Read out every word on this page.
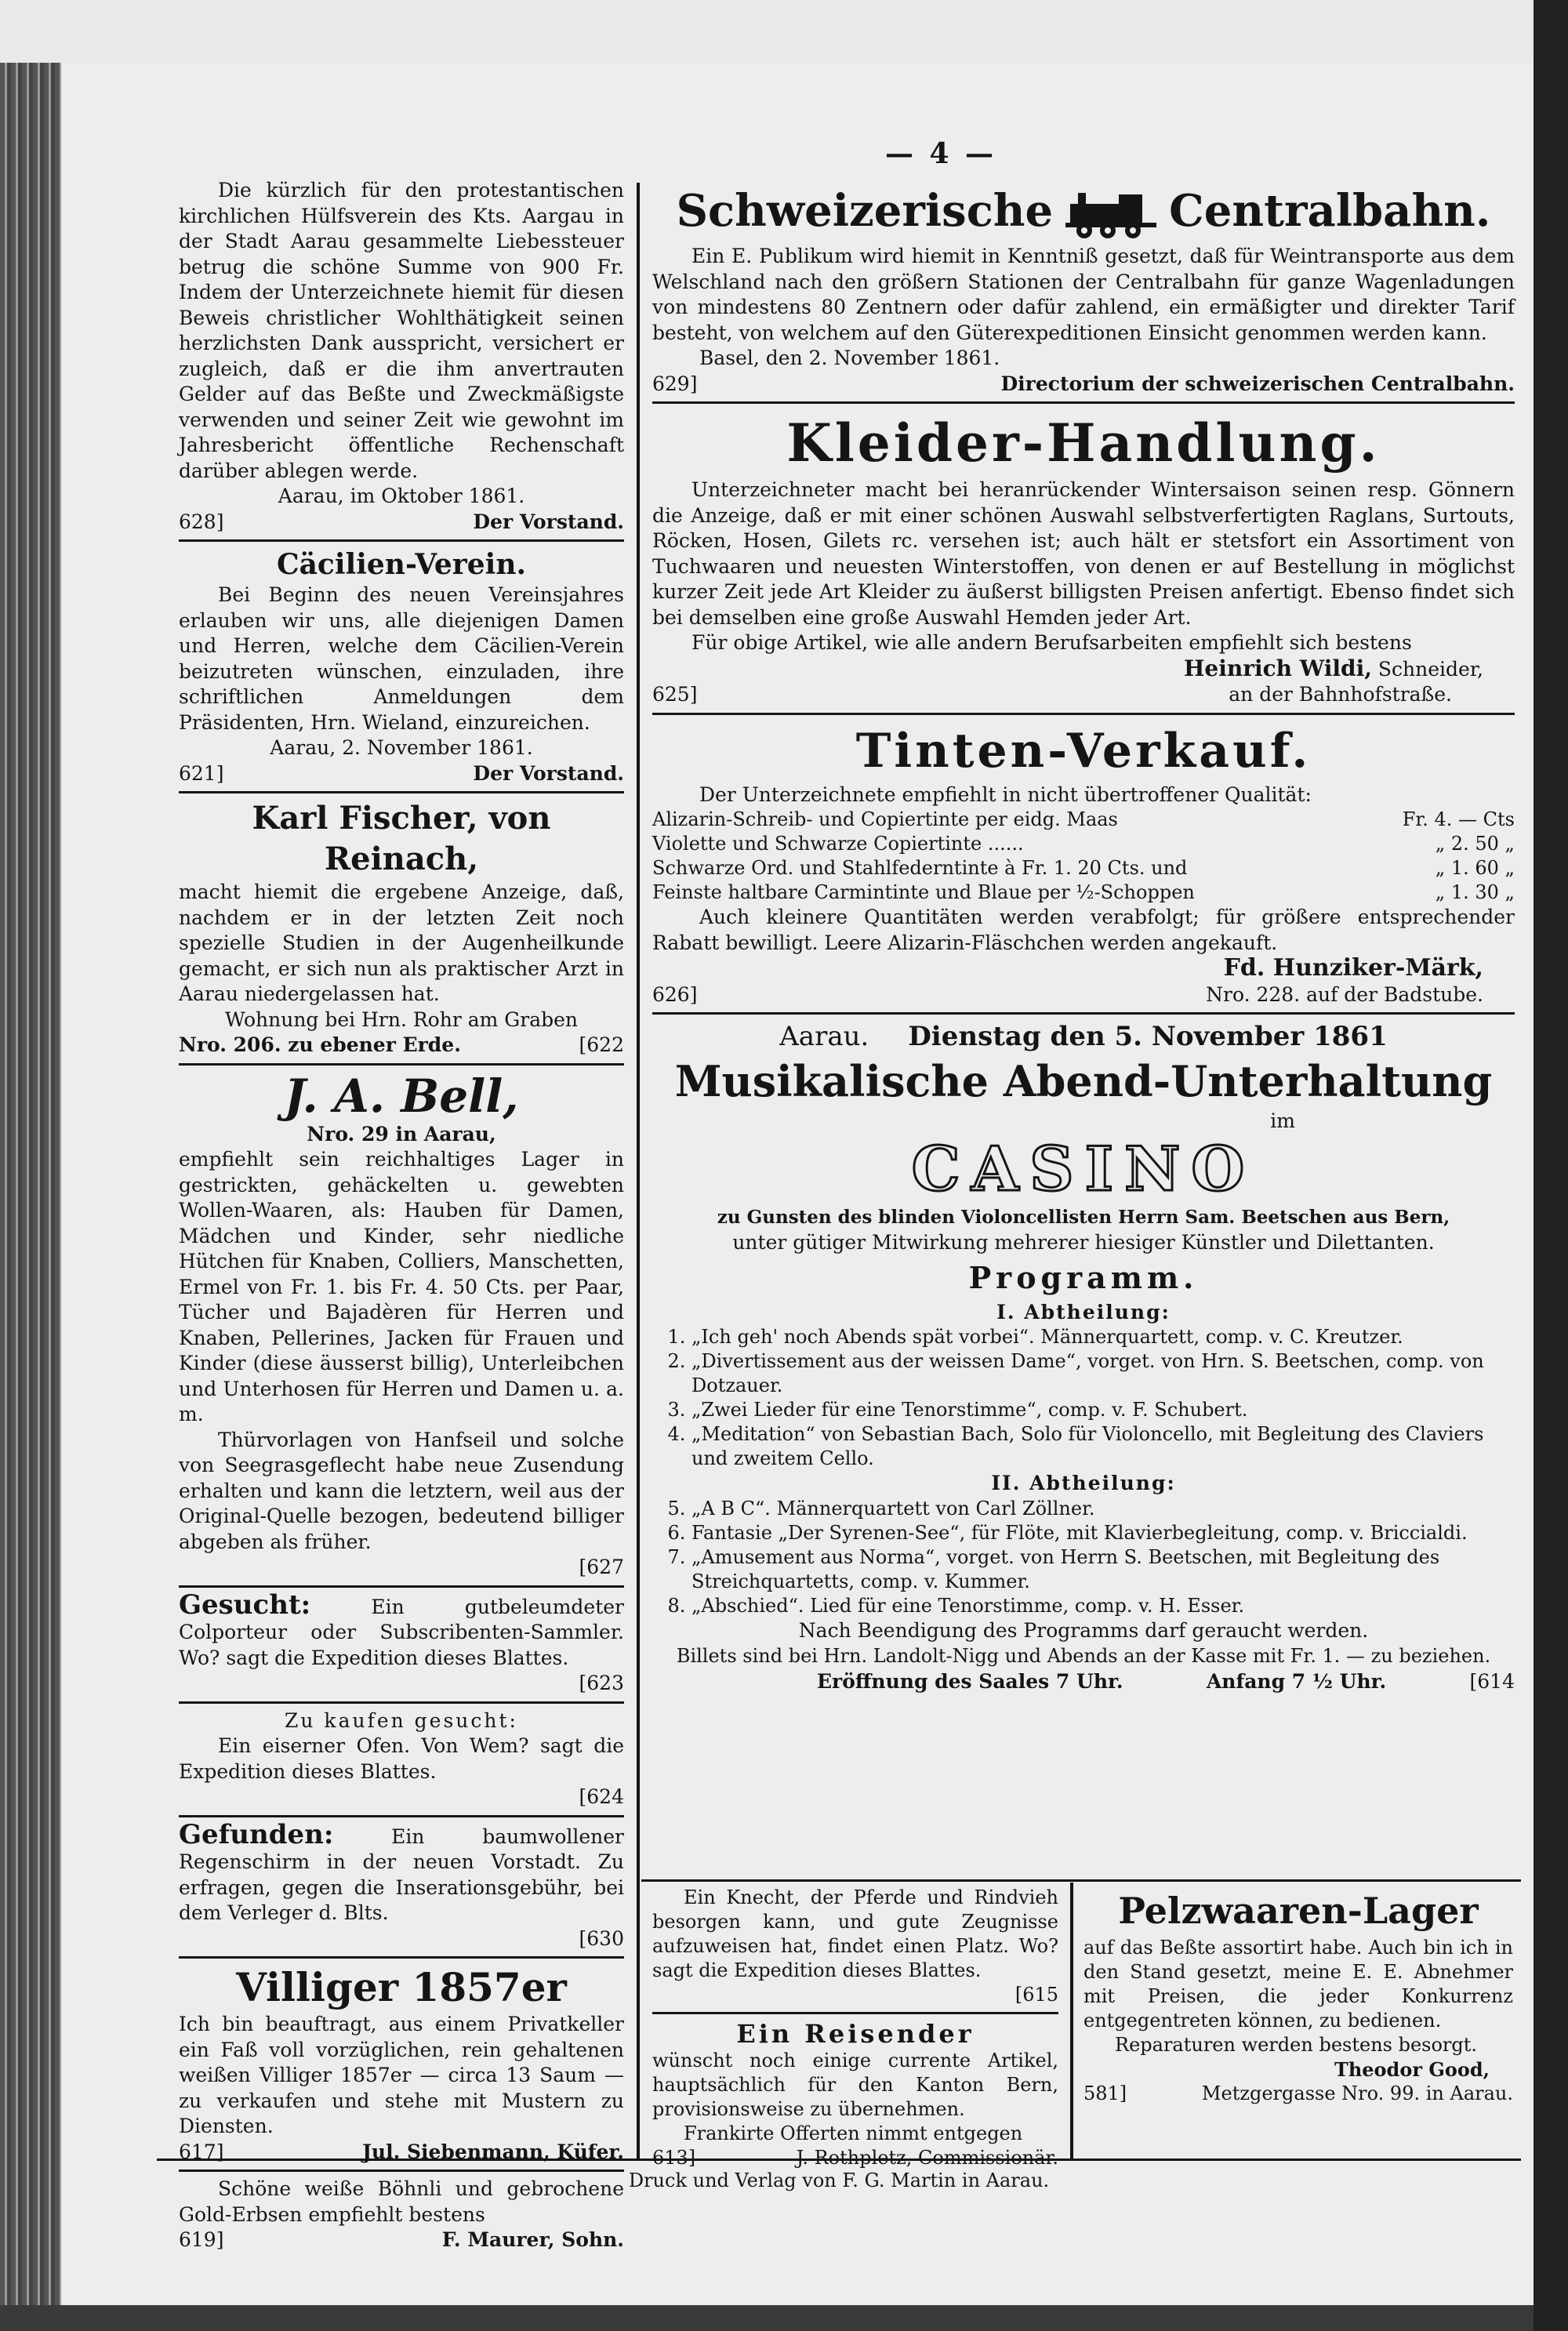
— 4 —

Die kürzlich für den protestantischen kirchlichen Hülfsverein des Kts. Aargau in der Stadt Aarau gesammelte Liebessteuer betrug die schöne Summe von 900 Fr. Indem der Unterzeichnete hiemit für diesen Beweis christlicher Wohlthätigkeit seinen herzlichsten Dank ausspricht, versichert er zugleich, daß er die ihm anvertrauten Gelder auf das Beßte und Zweckmäßigste verwenden und seiner Zeit wie gewohnt im Jahresbericht öffentliche Rechenschaft darüber ablegen werde.

Aarau, im Oktober 1861.
628]	Der Vorstand.
Cäcilien-Verein.

Bei Beginn des neuen Vereinsjahres erlauben wir uns, alle diejenigen Damen und Herren, welche dem Cäcilien-Verein beizutreten wünschen, einzuladen, ihre schriftlichen Anmeldungen dem Präsidenten, Hrn. Wieland, einzureichen.

Aarau, 2. November 1861.
621]	Der Vorstand.
Karl Fischer, von Reinach,

macht hiemit die ergebene Anzeige, daß, nachdem er in der letzten Zeit noch spezielle Studien in der Augenheilkunde gemacht, er sich nun als praktischer Arzt in Aarau niedergelassen hat.

Wohnung bei Hrn. Rohr am Graben
Nro. 206. zu ebener Erde.	[622
J. A. Bell,
Nro. 29 in Aarau,

empfiehlt sein reichhaltiges Lager in gestrickten, gehäckelten u. gewebten Wollen-Waaren, als: Hauben für Damen, Mädchen und Kinder, sehr niedliche Hütchen für Knaben, Colliers, Manschetten, Ermel von Fr. 1. bis Fr. 4. 50 Cts. per Paar, Tücher und Bajadèren für Herren und Knaben, Pellerines, Jacken für Frauen und Kinder (diese äusserst billig), Unterleibchen und Unterhosen für Herren und Damen u. a. m.

Thürvorlagen von Hanfseil und solche von Seegrasgeflecht habe neue Zusendung erhalten und kann die letztern, weil aus der Original-Quelle bezogen, bedeutend billiger abgeben als früher.

[627

Gesucht:	Ein gutbeleumdeter Colporteur oder Subscribenten-Sammler. Wo? sagt die Expedition dieses Blattes.

[623
Zu kaufen gesucht:

Ein eiserner Ofen. Von Wem? sagt die Expedition dieses Blattes.

[624

Gefunden:	Ein baumwollener Regenschirm in der neuen Vorstadt. Zu erfragen, gegen die Inserationsgebühr, bei dem Verleger d. Blts.

[630
Villiger 1857er

Ich bin beauftragt, aus einem Privatkeller ein Faß voll vorzüglichen, rein gehaltenen weißen Villiger 1857er — circa 13 Saum — zu verkaufen und stehe mit Mustern zu Diensten.

617]	Jul. Siebenmann, Küfer.

Schöne weiße Böhnli und gebrochene Gold-Erbsen empfiehlt bestens

619]	F. Maurer, Sohn.
Schweizerische	Centralbahn.

Ein E. Publikum wird hiemit in Kenntniß gesetzt, daß für Weintransporte aus dem Welschland nach den größern Stationen der Centralbahn für ganze Wagenladungen von mindestens 80 Zentnern oder dafür zahlend, ein ermäßigter und direkter Tarif besteht, von welchem auf den Güterexpeditionen Einsicht genommen werden kann.

Basel, den 2. November 1861.
629]	Directorium der schweizerischen Centralbahn.
Kleider-Handlung.

Unterzeichneter macht bei heranrückender Wintersaison seinen resp. Gönnern die Anzeige, daß er mit einer schönen Auswahl selbstverfertigten Raglans, Surtouts, Röcken, Hosen, Gilets rc. versehen ist; auch hält er stetsfort ein Assortiment von Tuchwaaren und neuesten Winterstoffen, von denen er auf Bestellung in möglichst kurzer Zeit jede Art Kleider zu äußerst billigsten Preisen anfertigt. Ebenso findet sich bei demselben eine große Auswahl Hemden jeder Art.

Für obige Artikel, wie alle andern Berufsarbeiten empfiehlt sich bestens

Heinrich Wildi, Schneider,
625]	an der Bahnhofstraße.
Tinten-Verkauf.

Der Unterzeichnete empfiehlt in nicht übertroffener Qualität:

Alizarin-Schreib- und Copiertinte per eidg. Maas	Fr. 4. — Cts
Violette und Schwarze Copiertinte ......	„ 2. 50 „
Schwarze Ord. und Stahlfederntinte à Fr. 1. 20 Cts. und	„ 1. 60 „
Feinste haltbare Carmintinte und Blaue per ½-Schoppen	„ 1. 30 „

Auch kleinere Quantitäten werden verabfolgt; für größere entsprechender Rabatt bewilligt. Leere Alizarin-Fläschchen werden angekauft.

Fd. Hunziker-Märk,
626]	Nro. 228. auf der Badstube.
Aarau. Dienstag den 5. November 1861
Musikalische Abend-Unterhaltung
im
CASINO
zu Gunsten des blinden Violoncellisten Herrn Sam. Beetschen aus Bern,
unter gütiger Mitwirkung mehrerer hiesiger Künstler und Dilettanten.
Programm.
I. Abtheilung:
1. „Ich geh' noch Abends spät vorbei“. Männerquartett, comp. v. C. Kreutzer.
2. „Divertissement aus der weissen Dame“, vorget. von Hrn. S. Beetschen, comp. von Dotzauer.
3. „Zwei Lieder für eine Tenorstimme“, comp. v. F. Schubert.
4. „Meditation“ von Sebastian Bach, Solo für Violoncello, mit Begleitung des Claviers und zweitem Cello.
II. Abtheilung:
5. „A B C“. Männerquartett von Carl Zöllner.
6. Fantasie „Der Syrenen-See“, für Flöte, mit Klavierbegleitung, comp. v. Briccialdi.
7. „Amusement aus Norma“, vorget. von Herrn S. Beetschen, mit Begleitung des Streichquartetts, comp. v. Kummer.
8. „Abschied“. Lied für eine Tenorstimme, comp. v. H. Esser.
Nach Beendigung des Programms darf geraucht werden.
Billets sind bei Hrn. Landolt-Nigg und Abends an der Kasse mit Fr. 1. — zu beziehen.
Eröffnung des Saales 7 Uhr.	Anfang 7 ½ Uhr.	[614

Ein Knecht, der Pferde und Rindvieh besorgen kann, und gute Zeugnisse aufzuweisen hat, findet einen Platz. Wo? sagt die Expedition dieses Blattes.

[615
Ein Reisender

wünscht noch einige currente Artikel, hauptsächlich für den Kanton Bern, provisionsweise zu übernehmen.

Frankirte Offerten nimmt entgegen
613]	J. Rothpletz, Commissionär.
Pelzwaaren-Lager

auf das Beßte assortirt habe. Auch bin ich in den Stand gesetzt, meine E. E. Abnehmer mit Preisen, die jeder Konkurrenz entgegentreten können, zu bedienen.

Reparaturen werden bestens besorgt.
Theodor Good,
581]	Metzgergasse Nro. 99. in Aarau.
Druck und Verlag von F. G. Martin in Aarau.
